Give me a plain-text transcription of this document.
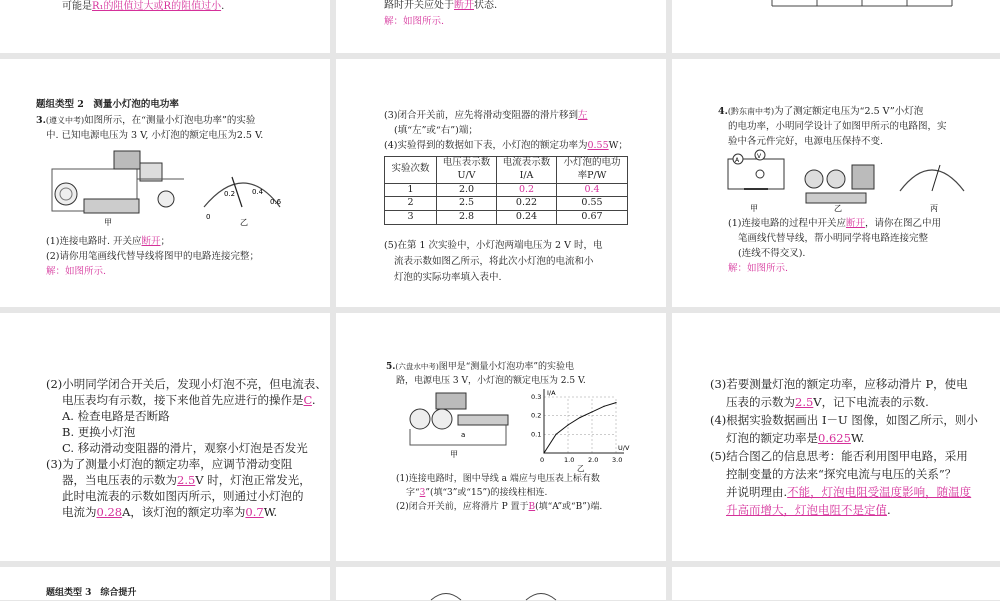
路时开关应处于断开状态.
解：如图所示.
可能是R₁的阻值过大或R的阻值过小.
题组类型 2　测量小灯泡的电功率
3.(遵义中考)如图所示，在“测量小灯泡电功率”的实验
中. 已知电源电压为 3 V, 小灯泡的额定电压为2.5 V.
0
0.2 0.4
0.6
甲	乙
(1)连接电路时. 开关应断开；
(2)请你用笔画线代替导线将图甲的电路连接完整；
解：如图所示.
(3)闭合开关前，应先将滑动变阻器的滑片移到左
(填“左”或“右”)端；
(4)实验得到的数据如下表，小灯泡的额定功率为0.55W；
实验次数	电压表示数U/V	电流表示数I/A	小灯泡的电功率P/W
1	2.0	0.2	0.4
2	2.5	0.22	0.55
3	2.8	0.24	0.67
(5)在第 1 次实验中，小灯泡两端电压为 2 V 时，电
流表示数如图乙所示，将此次小灯泡的电流和小
灯泡的实际功率填入表中.
4.(黔东南中考)为了测定额定电压为“2.5 V”小灯泡
的电功率，小明同学设计了如图甲所示的电路图，实
验中各元件完好，电源电压保持不变.
A
V
甲	乙	丙
(1)连接电路的过程中开关应断开，请你在图乙中用
笔画线代替导线，帮小明同学将电路连接完整
(连线不得交叉).
解：如图所示.
(2)小明同学闭合开关后，发现小灯泡不亮，但电流表、
电压表均有示数，接下来他首先应进行的操作是C.
A. 检查电路是否断路
B. 更换小灯泡
C. 移动滑动变阻器的滑片，观察小灯泡是否发光
(3)为了测量小灯泡的额定功率，应调节滑动变阻
器，当电压表的示数为2.5V 时，灯泡正常发光，
此时电流表的示数如图丙所示，则通过小灯泡的
电流为0.28A，该灯泡的额定功率为0.7W.
5.(六盘水中考)图甲是“测量小灯泡功率”的实验电
路，电源电压 3 V，小灯泡的额定电压为 2.5 V.
a
甲
0	1.0 2.0 3.0
0.1
0.2
0.3
U/V
I/A
乙
(1)连接电路时，图中导线 a 端应与电压表上标有数
字“3”(填“3”或“15”)的接线柱相连.
(2)闭合开关前，应将滑片 P 置于B(填“A”或“B”)端.
(3)若要测量灯泡的额定功率，应移动滑片 P，使电
压表的示数为2.5V，记下电流表的示数.
(4)根据实验数据画出 I－U 图像，如图乙所示，则小
灯泡的额定功率是0.625W.
(5)结合图乙的信息思考：能否利用图甲电路，采用
控制变量的方法来“探究电流与电压的关系”？
并说明理由.不能，灯泡电阻受温度影响，随温度
升高而增大，灯泡电阻不是定值.
题组类型 3　综合提升
